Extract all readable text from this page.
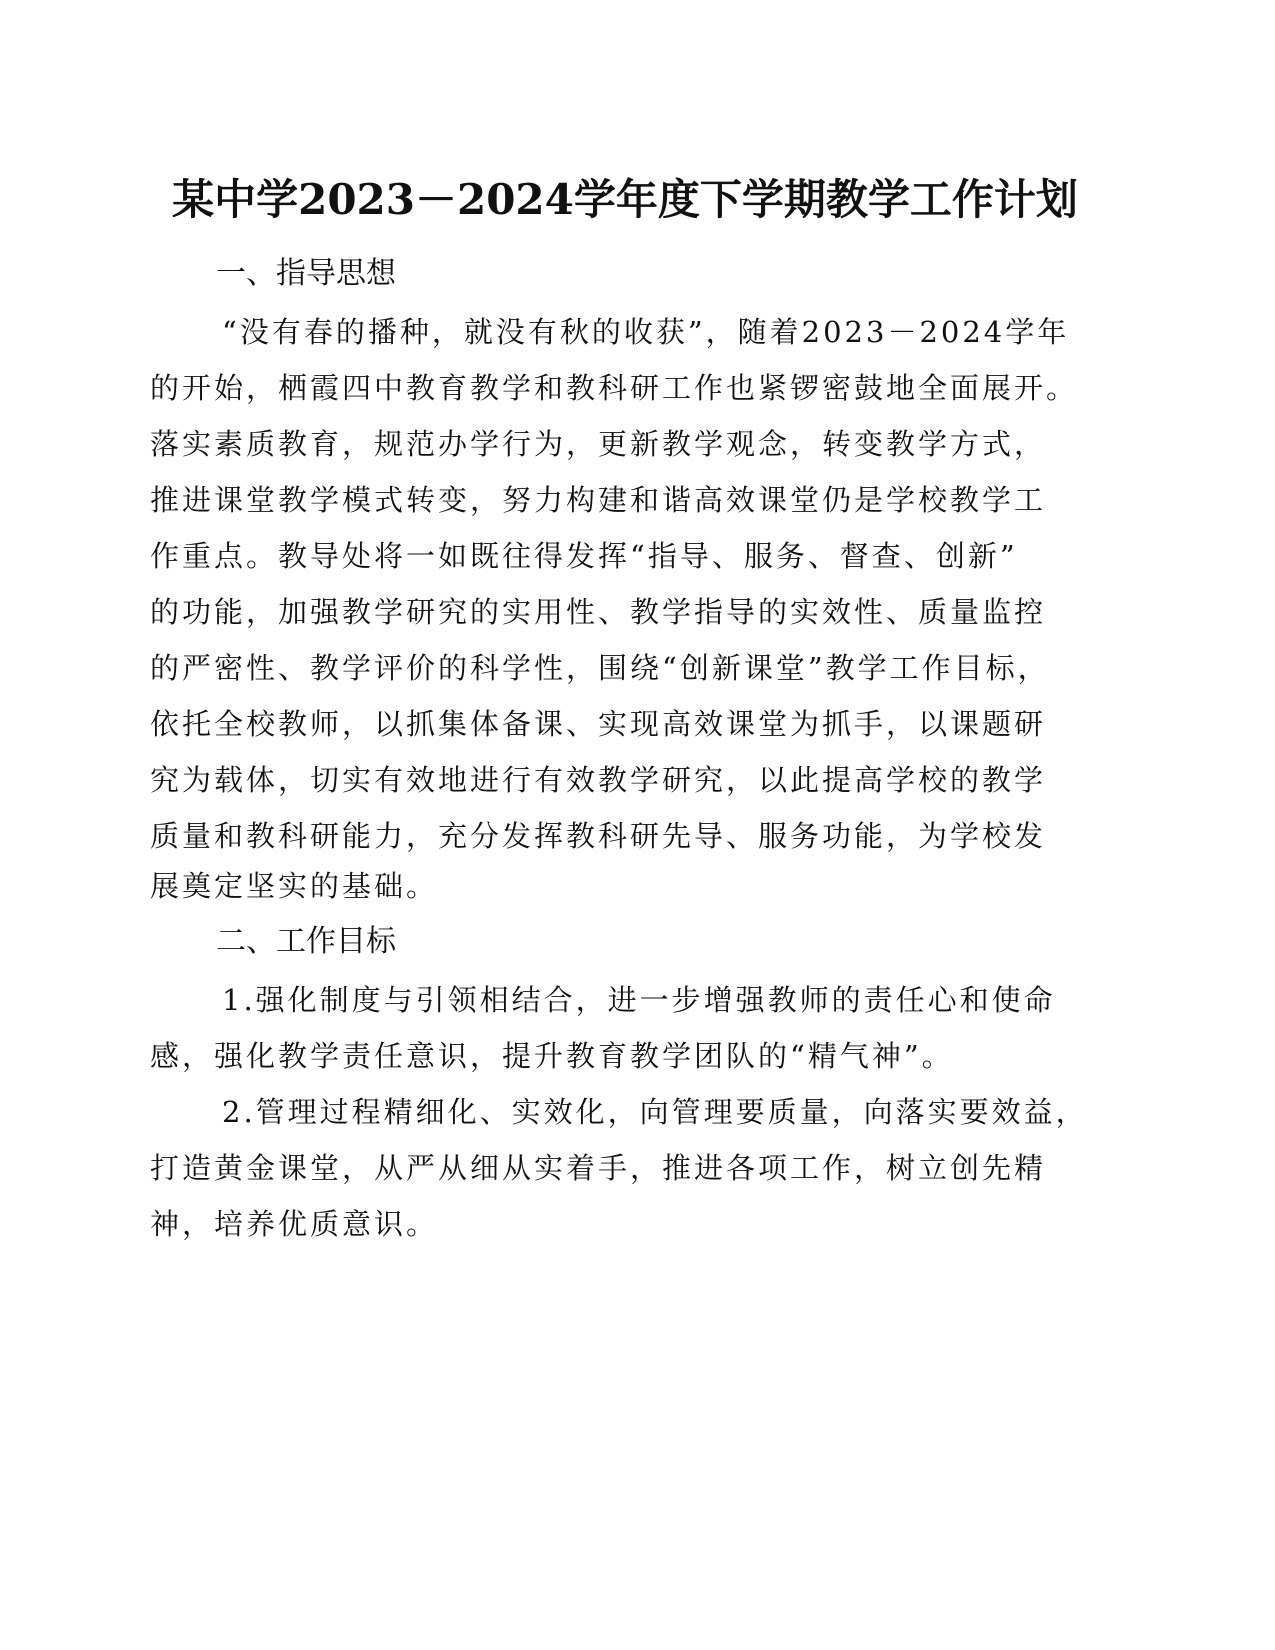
某中学2023－2024学年度下学期教学工作计划
一、指导思想

“没有春的播种，就没有秋的收获”，随着2023－2024学年

的开始，栖霞四中教育教学和教科研工作也紧锣密鼓地全面展开。

落实素质教育，规范办学行为，更新教学观念，转变教学方式，

推进课堂教学模式转变，努力构建和谐高效课堂仍是学校教学工

作重点。教导处将一如既往得发挥“指导、服务、督查、创新”

的功能，加强教学研究的实用性、教学指导的实效性、质量监控

的严密性、教学评价的科学性，围绕“创新课堂”教学工作目标，

依托全校教师，以抓集体备课、实现高效课堂为抓手，以课题研

究为载体，切实有效地进行有效教学研究，以此提高学校的教学

质量和教科研能力，充分发挥教科研先导、服务功能，为学校发

展奠定坚实的基础。

二、工作目标

1.强化制度与引领相结合，进一步增强教师的责任心和使命

感，强化教学责任意识，提升教育教学团队的“精气神”。

2.管理过程精细化、实效化，向管理要质量，向落实要效益，

打造黄金课堂，从严从细从实着手，推进各项工作，树立创先精

神，培养优质意识。
